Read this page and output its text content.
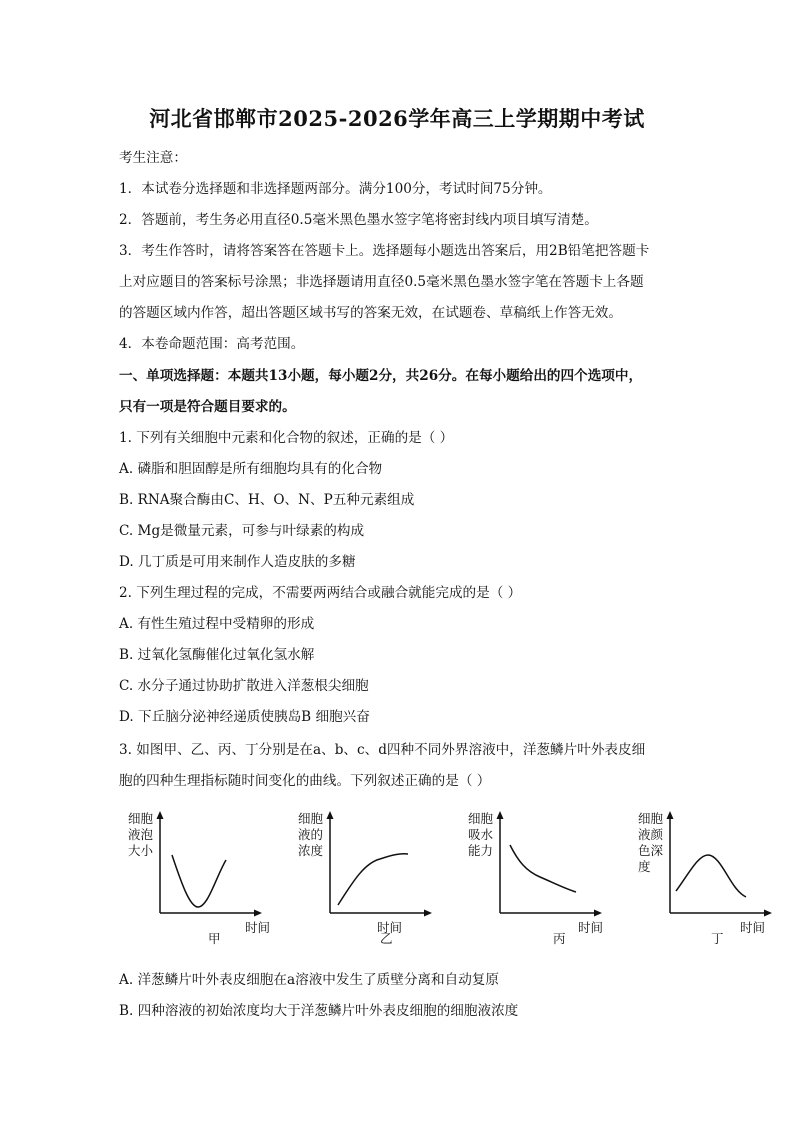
河北省邯郸市2025-2026学年高三上学期期中考试
考生注意：
1．本试卷分选择题和非选择题两部分。满分100分，考试时间75分钟。
2．答题前，考生务必用直径0.5毫米黑色墨水签字笔将密封线内项目填写清楚。
3．考生作答时，请将答案答在答题卡上。选择题每小题选出答案后，用2B铅笔把答题卡
上对应题目的答案标号涂黑；非选择题请用直径0.5毫米黑色墨水签字笔在答题卡上各题
的答题区域内作答，超出答题区域书写的答案无效，在试题卷、草稿纸上作答无效。
4．本卷命题范围：高考范围。
一、单项选择题：本题共13小题，每小题2分，共26分。在每小题给出的四个选项中，
只有一项是符合题目要求的。
1. 下列有关细胞中元素和化合物的叙述，正确的是（ ）
A. 磷脂和胆固醇是所有细胞均具有的化合物
B. RNA聚合酶由C、H、O、N、P五种元素组成
C. Mg是微量元素，可参与叶绿素的构成
D. 几丁质是可用来制作人造皮肤的多糖
2. 下列生理过程的完成，不需要两两结合或融合就能完成的是（ ）
A. 有性生殖过程中受精卵的形成
B. 过氧化氢酶催化过氧化氢水解
C. 水分子通过协助扩散进入洋葱根尖细胞
D. 下丘脑分泌神经递质使胰岛B 细胞兴奋
3. 如图甲、乙、丙、丁分别是在a、b、c、d四种不同外界溶液中，洋葱鳞片叶外表皮细
胞的四种生理指标随时间变化的曲线。下列叙述正确的是（ ）
细胞
液泡
大小
时间
甲
细胞
液的
浓度
时间
乙
细胞
吸水
能力
时间
丙
细胞
液颜
色深
度
时间
丁
A. 洋葱鳞片叶外表皮细胞在a溶液中发生了质壁分离和自动复原
B. 四种溶液的初始浓度均大于洋葱鳞片叶外表皮细胞的细胞液浓度
